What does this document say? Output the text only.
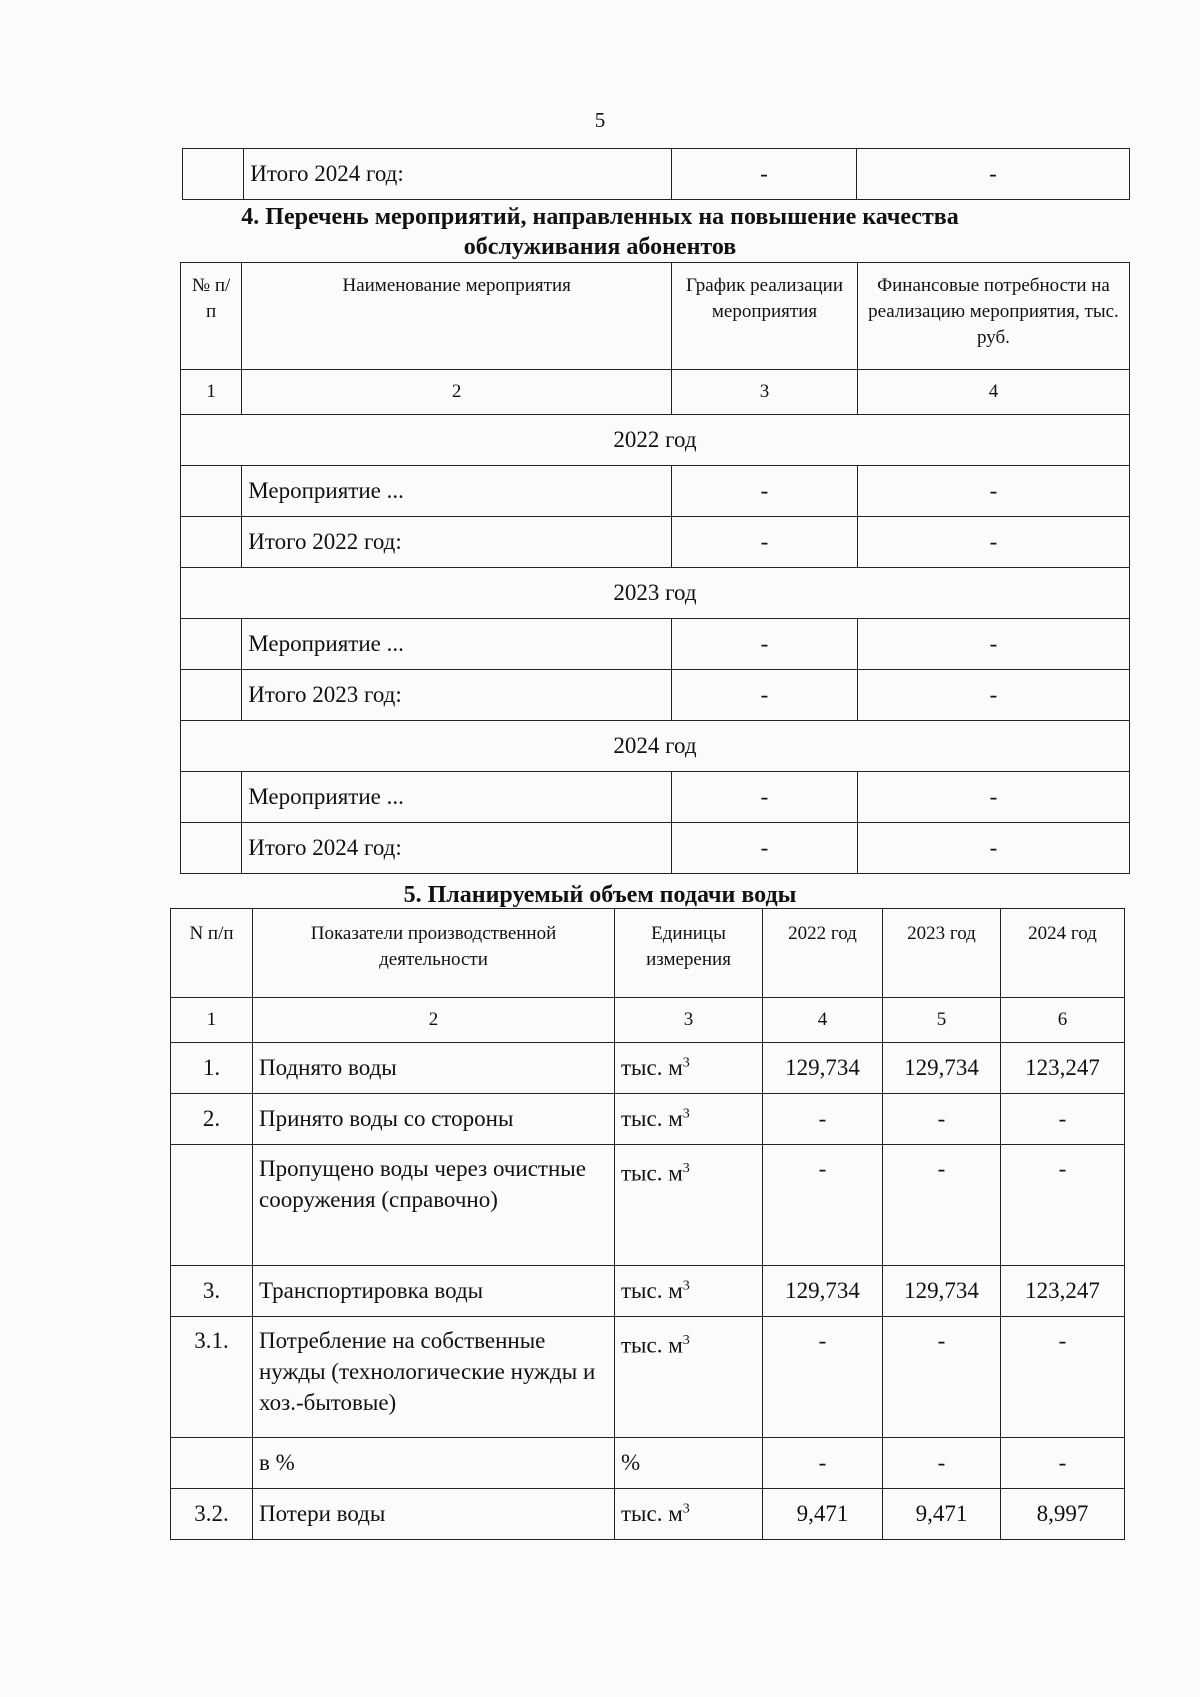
5
	Итого 2024 год:	-	-
4. Перечень мероприятий, направленных на повышение качества
обслуживания абонентов
№ п/п	Наименование мероприятия	График реализации мероприятия	Финансовые потребности на реализацию мероприятия, тыс. руб.
1	2	3	4
2022 год			
	Мероприятие ...	-	-
	Итого 2022 год:	-	-
2023 год			
	Мероприятие ...	-	-
	Итого 2023 год:	-	-
2024 год			
	Мероприятие ...	-	-
	Итого 2024 год:	-	-
5. Планируемый объем подачи воды
N п/п	Показатели производственной деятельности	Единицы измерения	2022 год	2023 год	2024 год
1	2	3	4	5	6
1.	Поднято воды	тыс. $м^3$	129,734	129,734	123,247
2.	Принято воды со стороны	тыс. $м^3$	-	-	-
	Пропущено воды через очистные сооружения (справочно)	тыс. $м^3$	-	-	-
3.	Транспортировка воды	тыс. $м^3$	129,734	129,734	123,247
3.1.	Потребление на собственные нужды (технологические нужды и хоз.-бытовые)	тыс. $м^3$	-	-	-
	в %	%	-	-	-
3.2.	Потери воды	тыс. $м^3$	9,471	9,471	8,997
